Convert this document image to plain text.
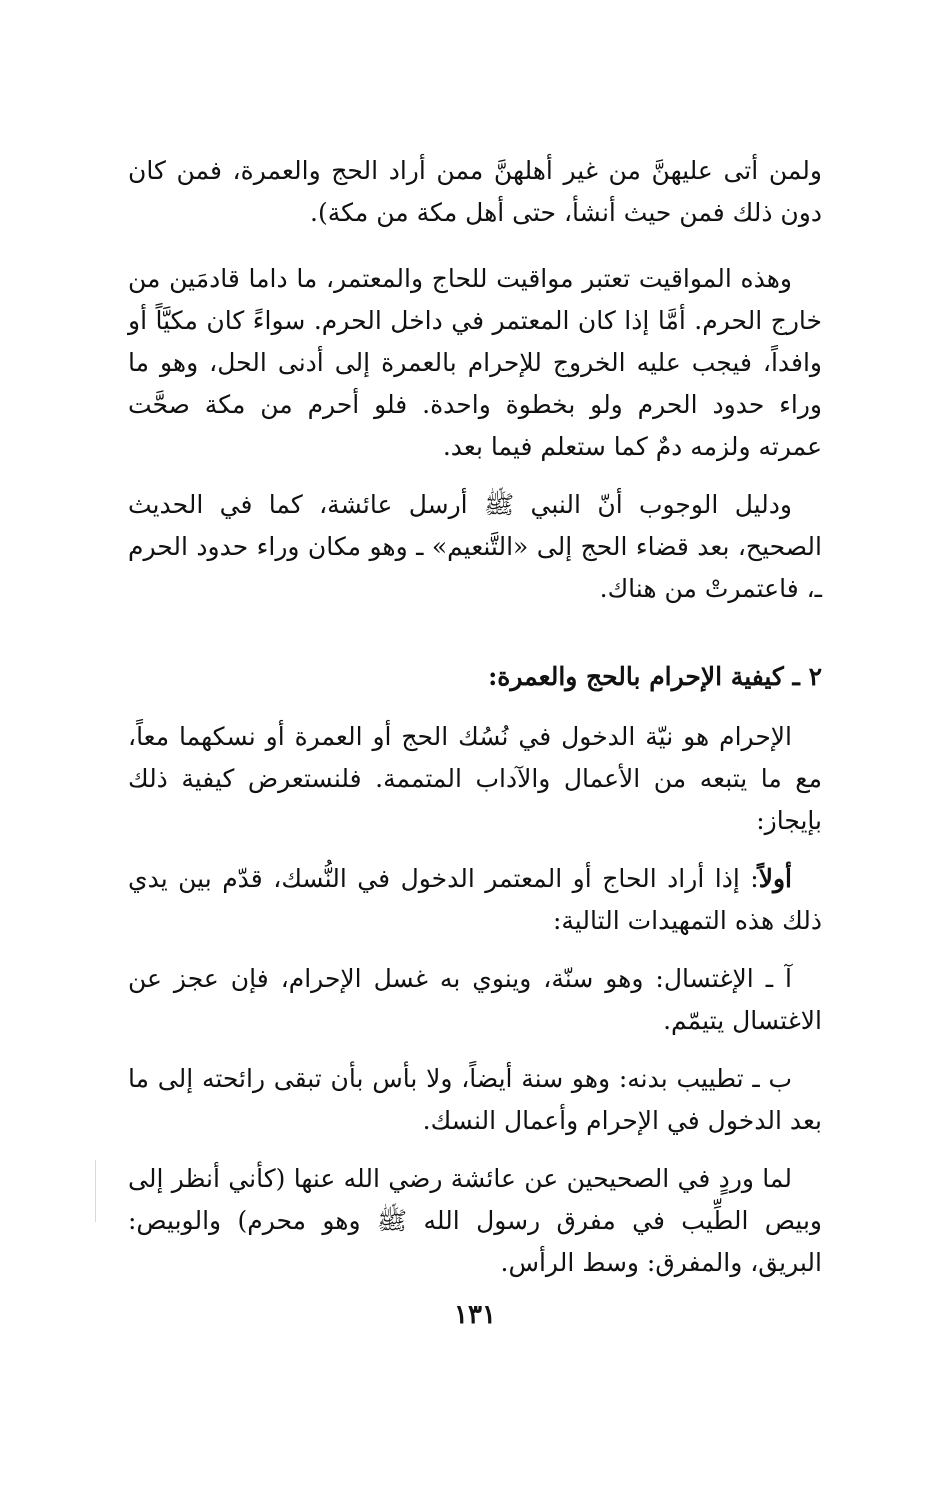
ولمن أتى عليهنَّ من غير أهلهنَّ ممن أراد الحج والعمرة، فمن كان دون ذلك فمن حيث أنشأ، حتى أهل مكة من مكة).

وهذه المواقيت تعتبر مواقيت للحاج والمعتمر، ما داما قادمَين من خارج الحرم. أمَّا إذا كان المعتمر في داخل الحرم. سواءً كان مكيَّاً أو وافداً، فيجب عليه الخروج للإحرام بالعمرة إلى أدنى الحل، وهو ما وراء حدود الحرم ولو بخطوة واحدة. فلو أحرم من مكة صحَّت عمرته ولزمه دمٌ كما ستعلم فيما بعد.

ودليل الوجوب أنّ النبي ﷺ أرسل عائشة، كما في الحديث الصحيح، بعد قضاء الحج إلى «التَّنعيم» ـ وهو مكان وراء حدود الحرم ـ، فاعتمرتْ من هناك.

٢ ـ كيفية الإحرام بالحج والعمرة:

الإحرام هو نيّة الدخول في نُسُك الحج أو العمرة أو نسكهما معاً، مع ما يتبعه من الأعمال والآداب المتممة. فلنستعرض كيفية ذلك بإيجاز:

أولاً: إذا أراد الحاج أو المعتمر الدخول في النُّسك، قدّم بين يدي ذلك هذه التمهيدات التالية:

آ ـ الإغتسال: وهو سنّة، وينوي به غسل الإحرام، فإن عجز عن الاغتسال يتيمّم.

ب ـ تطييب بدنه: وهو سنة أيضاً، ولا بأس بأن تبقى رائحته إلى ما بعد الدخول في الإحرام وأعمال النسك.

لما وردٍ في الصحيحين عن عائشة رضي الله عنها (كأني أنظر إلى وبيص الطِّيب في مفرق رسول الله ﷺ وهو محرم) والوبيص: البريق، والمفرق: وسط الرأس.

١٣١
